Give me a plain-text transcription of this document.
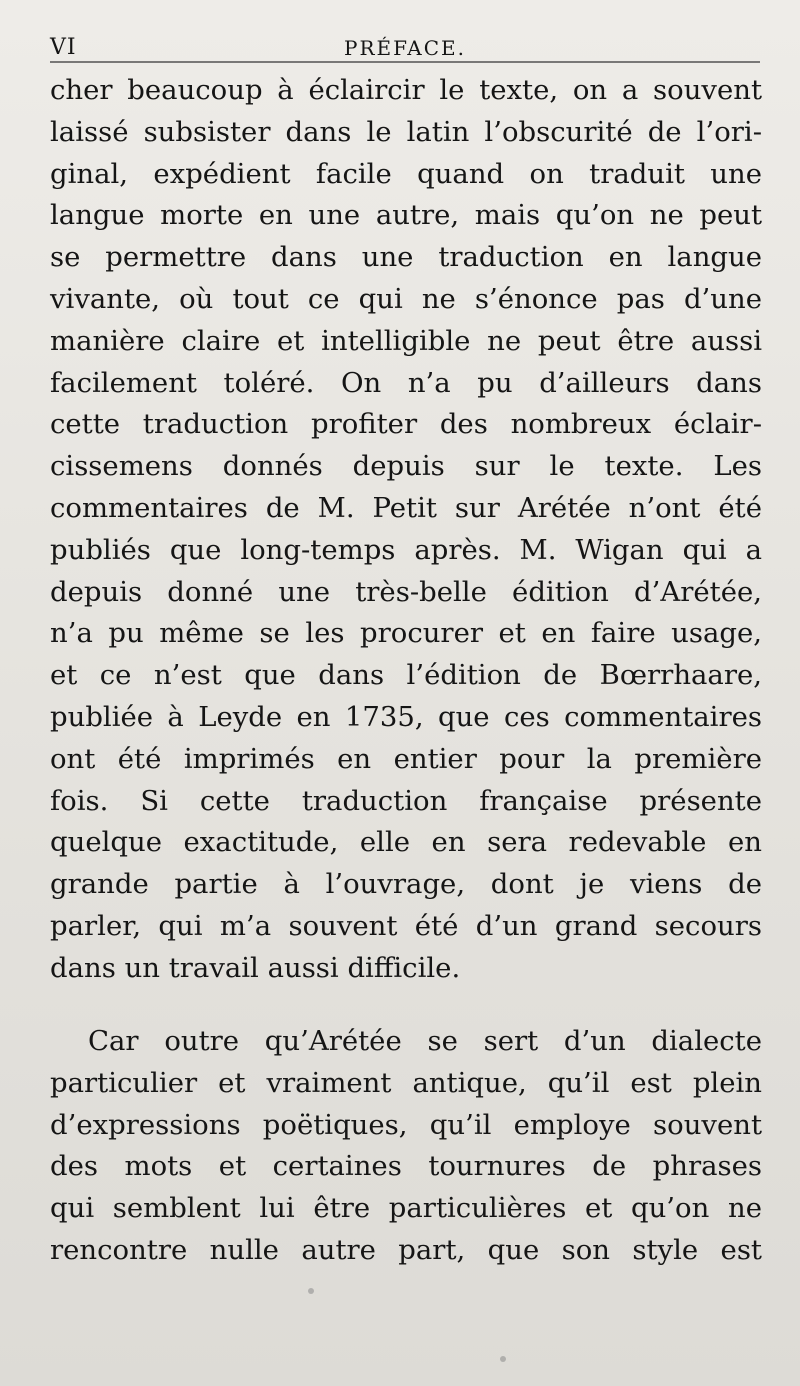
VI	PRÉFACE.
cher beaucoup à éclaircir le texte, on a souvent
laissé subsister dans le latin l’obscurité de l’ori-
ginal, expédient facile quand on traduit une
langue morte en une autre, mais qu’on ne peut
se permettre dans une traduction en langue
vivante, où tout ce qui ne s’énonce pas d’une
manière claire et intelligible ne peut être aussi
facilement toléré. On n’a pu d’ailleurs dans
cette traduction profiter des nombreux éclair-
cissemens donnés depuis sur le texte. Les
commentaires de M. Petit sur Arétée n’ont été
publiés que long-temps après. M. Wigan qui a
depuis donné une très-belle édition d’Arétée,
n’a pu même se les procurer et en faire usage,
et ce n’est que dans l’édition de Bœrrhaare,
publiée à Leyde en 1735, que ces commentaires
ont été imprimés en entier pour la première
fois. Si cette traduction française présente
quelque exactitude, elle en sera redevable en
grande partie à l’ouvrage, dont je viens de
parler, qui m’a souvent été d’un grand secours
dans un travail aussi difficile.
Car outre qu’Arétée se sert d’un dialecte
particulier et vraiment antique, qu’il est plein
d’expressions poëtiques, qu’il employe souvent
des mots et certaines tournures de phrases
qui semblent lui être particulières et qu’on ne
rencontre nulle autre part, que son style est
